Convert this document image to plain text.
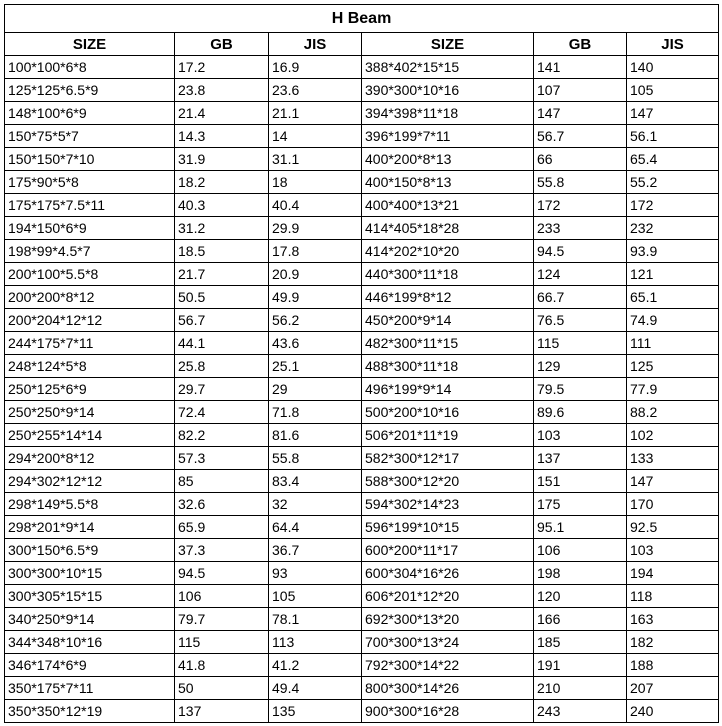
H Beam					
SIZE	GB	JIS	SIZE	GB	JIS
100*100*6*8	17.2	16.9	388*402*15*15	141	140
125*125*6.5*9	23.8	23.6	390*300*10*16	107	105
148*100*6*9	21.4	21.1	394*398*11*18	147	147
150*75*5*7	14.3	14	396*199*7*11	56.7	56.1
150*150*7*10	31.9	31.1	400*200*8*13	66	65.4
175*90*5*8	18.2	18	400*150*8*13	55.8	55.2
175*175*7.5*11	40.3	40.4	400*400*13*21	172	172
194*150*6*9	31.2	29.9	414*405*18*28	233	232
198*99*4.5*7	18.5	17.8	414*202*10*20	94.5	93.9
200*100*5.5*8	21.7	20.9	440*300*11*18	124	121
200*200*8*12	50.5	49.9	446*199*8*12	66.7	65.1
200*204*12*12	56.7	56.2	450*200*9*14	76.5	74.9
244*175*7*11	44.1	43.6	482*300*11*15	115	111
248*124*5*8	25.8	25.1	488*300*11*18	129	125
250*125*6*9	29.7	29	496*199*9*14	79.5	77.9
250*250*9*14	72.4	71.8	500*200*10*16	89.6	88.2
250*255*14*14	82.2	81.6	506*201*11*19	103	102
294*200*8*12	57.3	55.8	582*300*12*17	137	133
294*302*12*12	85	83.4	588*300*12*20	151	147
298*149*5.5*8	32.6	32	594*302*14*23	175	170
298*201*9*14	65.9	64.4	596*199*10*15	95.1	92.5
300*150*6.5*9	37.3	36.7	600*200*11*17	106	103
300*300*10*15	94.5	93	600*304*16*26	198	194
300*305*15*15	106	105	606*201*12*20	120	118
340*250*9*14	79.7	78.1	692*300*13*20	166	163
344*348*10*16	115	113	700*300*13*24	185	182
346*174*6*9	41.8	41.2	792*300*14*22	191	188
350*175*7*11	50	49.4	800*300*14*26	210	207
350*350*12*19	137	135	900*300*16*28	243	240
